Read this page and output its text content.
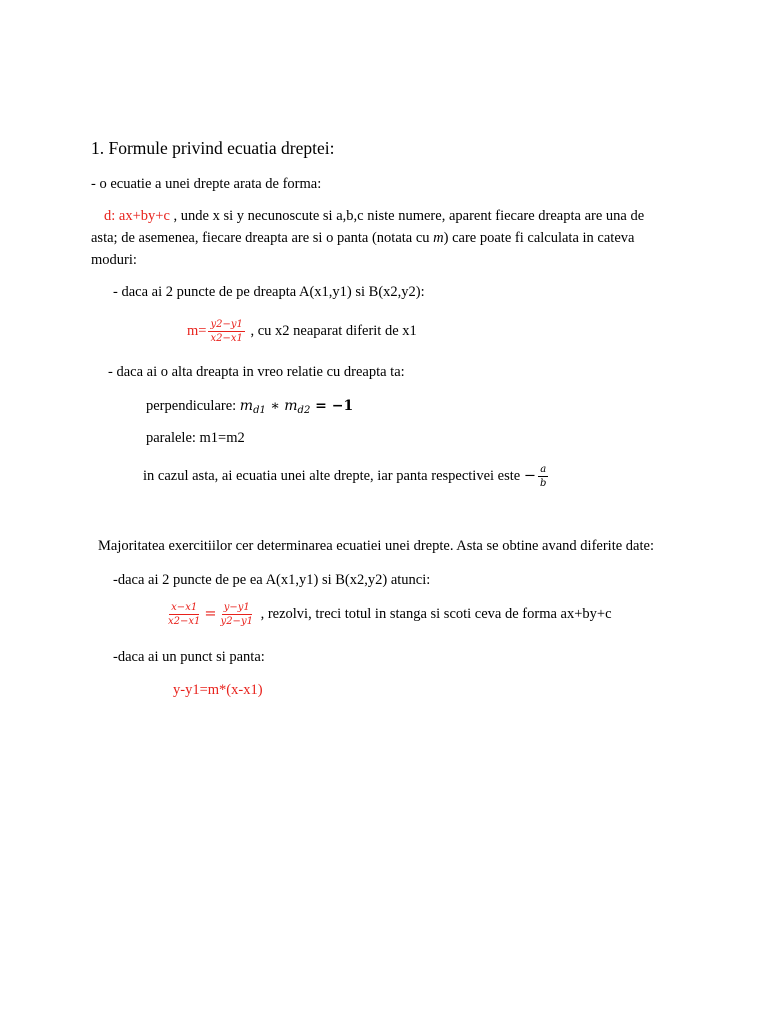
1. Formule privind ecuatia dreptei:
- o ecuatie a unei drepte arata de forma:
d: ax+by+c , unde x si y necunoscute si a,b,c niste numere, aparent fiecare dreapta are una de
asta; de asemenea, fiecare dreapta are si o panta (notata cu m) care poate fi calculata in cateva
moduri:
- daca ai 2 puncte de pe dreapta A(x1,y1) si B(x2,y2):
$m= \frac{y2-y1}{x2-x1}$ , cu x2 neaparat diferit de x1
- daca ai o alta dreapta in vreo relatie cu dreapta ta:
perpendiculare: $m_{d1}$ ∗ $m_{d2} = -1$
paralele: m1=m2
in cazul asta, ai ecuatia unei alte drepte, iar panta respectivei este − $\frac{a}{b}$
Majoritatea exercitiilor cer determinarea ecuatiei unei drepte. Asta se obtine avand diferite date:
-daca ai 2 puncte de pe ea A(x1,y1) si B(x2,y2) atunci:
$\frac{x-x1}{x2-x1} = \frac{y-y1}{y2-y1}$ , rezolvi, treci totul in stanga si scoti ceva de forma ax+by+c
-daca ai un punct si panta:
y-y1=m*(x-x1)
